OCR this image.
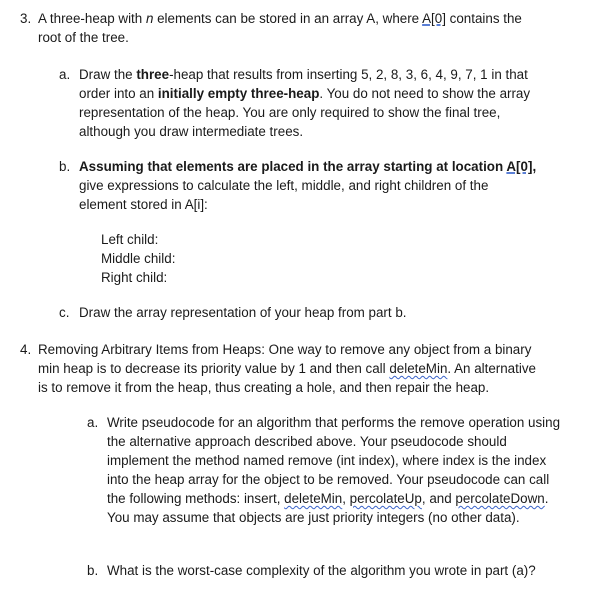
3. A three-heap with n elements can be stored in an array A, where A[0] contains the
root of the tree.
a. Draw the three-heap that results from inserting 5, 2, 8, 3, 6, 4, 9, 7, 1 in that
order into an initially empty three-heap. You do not need to show the array
representation of the heap. You are only required to show the final tree,
although you draw intermediate trees.
b. Assuming that elements are placed in the array starting at location A[0],
give expressions to calculate the left, middle, and right children of the
element stored in A[i]:
Left child:
Middle child:
Right child:
c. Draw the array representation of your heap from part b.
4. Removing Arbitrary Items from Heaps: One way to remove any object from a binary
min heap is to decrease its priority value by 1 and then call deleteMin. An alternative
is to remove it from the heap, thus creating a hole, and then repair the heap.
a. Write pseudocode for an algorithm that performs the remove operation using
the alternative approach described above. Your pseudocode should
implement the method named remove (int index), where index is the index
into the heap array for the object to be removed. Your pseudocode can call
the following methods: insert, deleteMin, percolateUp, and percolateDown.
You may assume that objects are just priority integers (no other data).
b. What is the worst-case complexity of the algorithm you wrote in part (a)?
